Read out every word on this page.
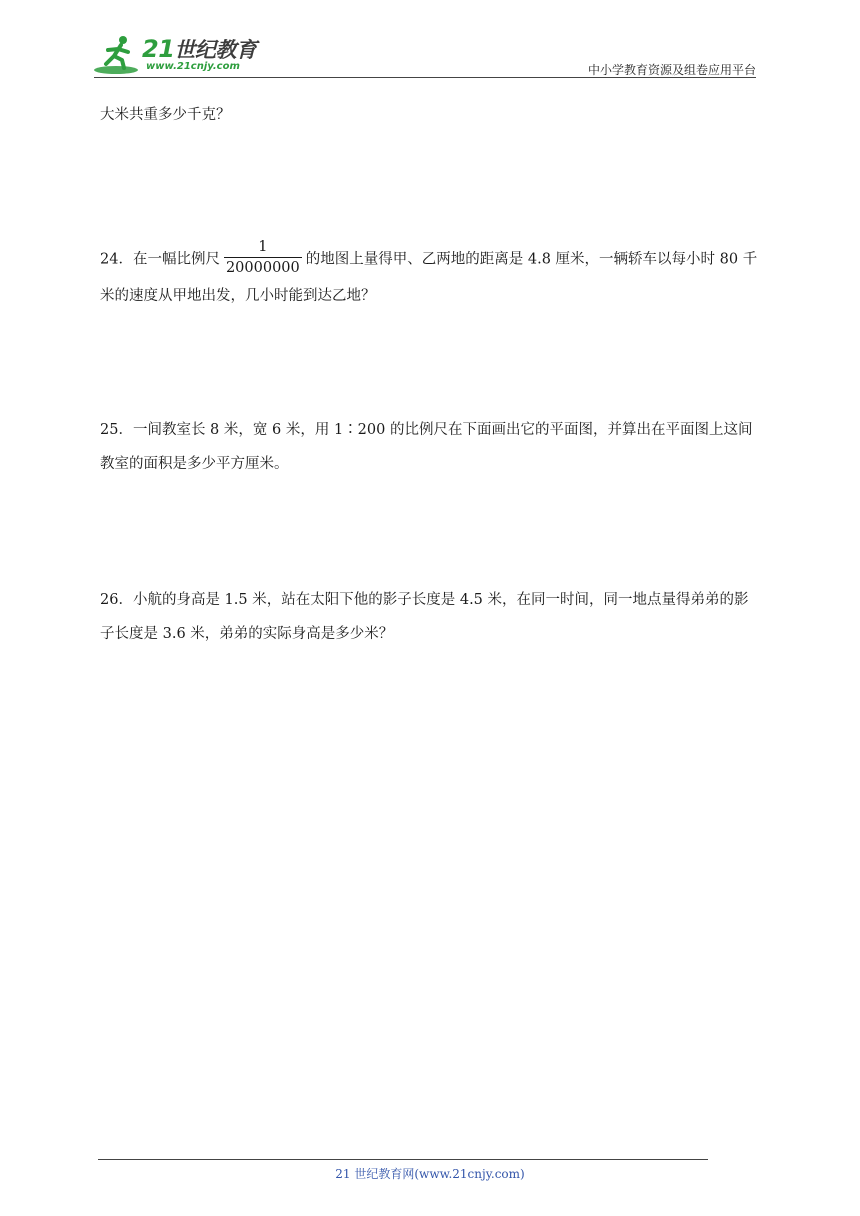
21世纪教育
www.21cnjy.com	中小学教育资源及组卷应用平台
大米共重多少千克？
24．在一幅比例尺 $\frac{1}{20000000}$ 的地图上量得甲、乙两地的距离是 4.8 厘米，一辆轿车以每小时 80 千米的速度从甲地出发，几小时能到达乙地？
25．一间教室长 8 米，宽 6 米，用 1∶200 的比例尺在下面画出它的平面图，并算出在平面图上这间教室的面积是多少平方厘米。
26．小航的身高是 1.5 米，站在太阳下他的影子长度是 4.5 米，在同一时间，同一地点量得弟弟的影子长度是 3.6 米，弟弟的实际身高是多少米？
21 世纪教育网(www.21cnjy.com)
